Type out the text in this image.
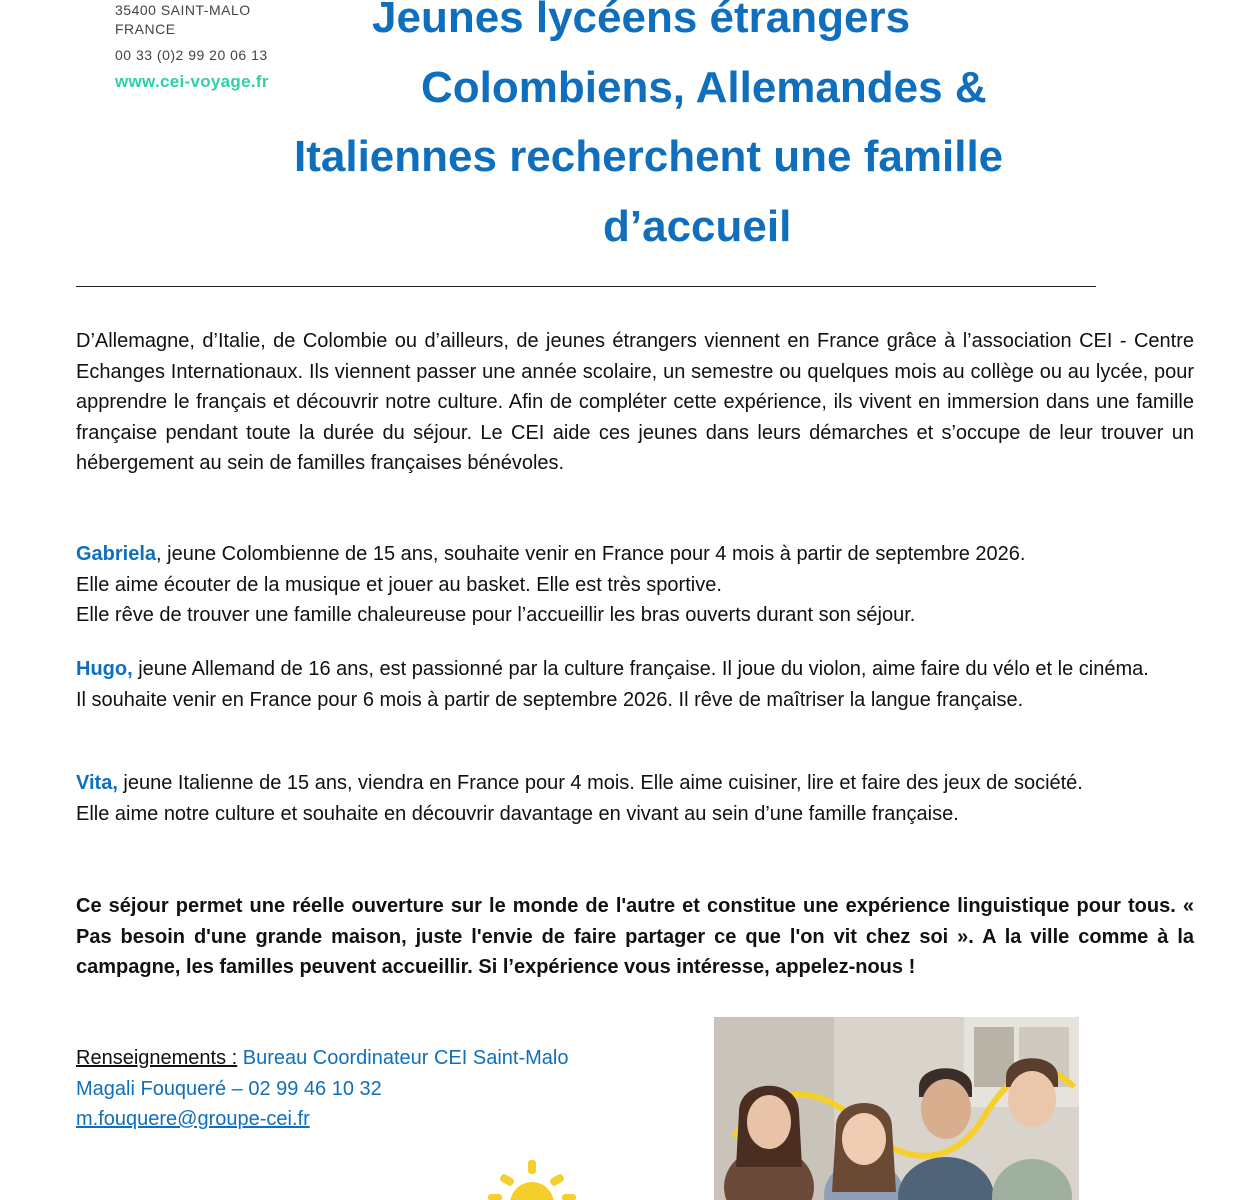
35400 SAINT-MALO
FRANCE
00 33 (0)2 99 20 06 13
www.cei-voyage.fr
Jeunes lycéens étrangers
Colombiens, Allemandes &
Italiennes recherchent une famille
d’accueil

D’Allemagne, d’Italie, de Colombie ou d’ailleurs, de jeunes étrangers viennent en France grâce à l’association CEI - Centre Echanges Internationaux. Ils viennent passer une année scolaire, un semestre ou quelques mois au collège ou au lycée, pour apprendre le français et découvrir notre culture. Afin de compléter cette expérience, ils vivent en immersion dans une famille française pendant toute la durée du séjour. Le CEI aide ces jeunes dans leurs démarches et s’occupe de leur trouver un hébergement au sein de familles françaises bénévoles.

Gabriela, jeune Colombienne de 15 ans, souhaite venir en France pour 4 mois à partir de septembre 2026.
Elle aime écouter de la musique et jouer au basket. Elle est très sportive.
Elle rêve de trouver une famille chaleureuse pour l’accueillir les bras ouverts durant son séjour.
Hugo, jeune Allemand de 16 ans, est passionné par la culture française. Il joue du violon, aime faire du vélo et le cinéma.
Il souhaite venir en France pour 6 mois à partir de septembre 2026. Il rêve de maîtriser la langue française.
Vita, jeune Italienne de 15 ans, viendra en France pour 4 mois. Elle aime cuisiner, lire et faire des jeux de société.
Elle aime notre culture et souhaite en découvrir davantage en vivant au sein d’une famille française.

Ce séjour permet une réelle ouverture sur le monde de l'autre et constitue une expérience linguistique pour tous. « Pas besoin d'une grande maison, juste l'envie de faire partager ce que l'on vit chez soi ». A la ville comme à la campagne, les familles peuvent accueillir. Si l’expérience vous intéresse, appelez-nous !

Renseignements : Bureau Coordinateur CEI Saint-Malo
Magali Fouqueré – 02 99 46 10 32
m.fouquere@groupe-cei.fr
